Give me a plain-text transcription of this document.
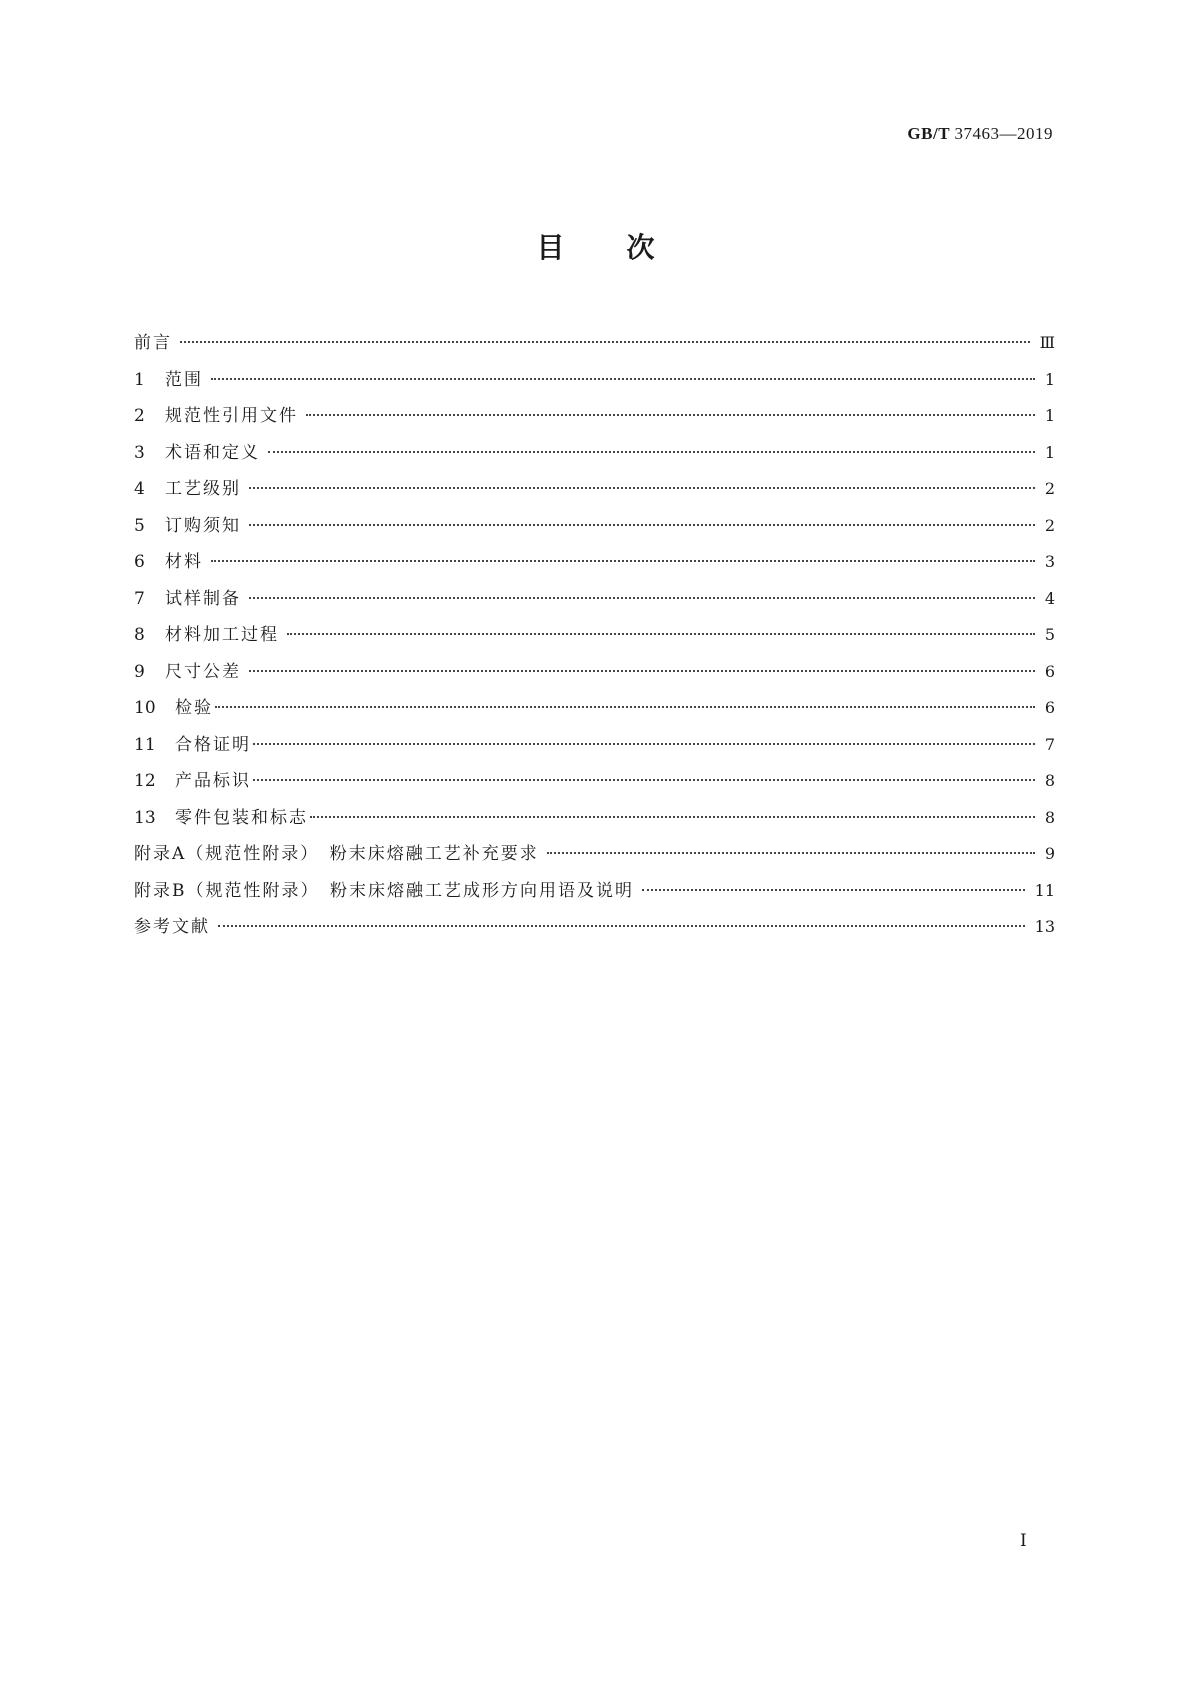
GB/T 37463—2019
目次
前言	Ⅲ
1	范围	1
2	规范性引用文件	1
3	术语和定义	1
4	工艺级别	2
5	订购须知	2
6	材料	3
7	试样制备	4
8	材料加工过程	5
9	尺寸公差	6
10	检验	6
11	合格证明	7
12	产品标识	8
13	零件包装和标志	8
附录A（规范性附录）　粉末床熔融工艺补充要求	9
附录B（规范性附录）　粉末床熔融工艺成形方向用语及说明	11
参考文献	13
Ⅰ
